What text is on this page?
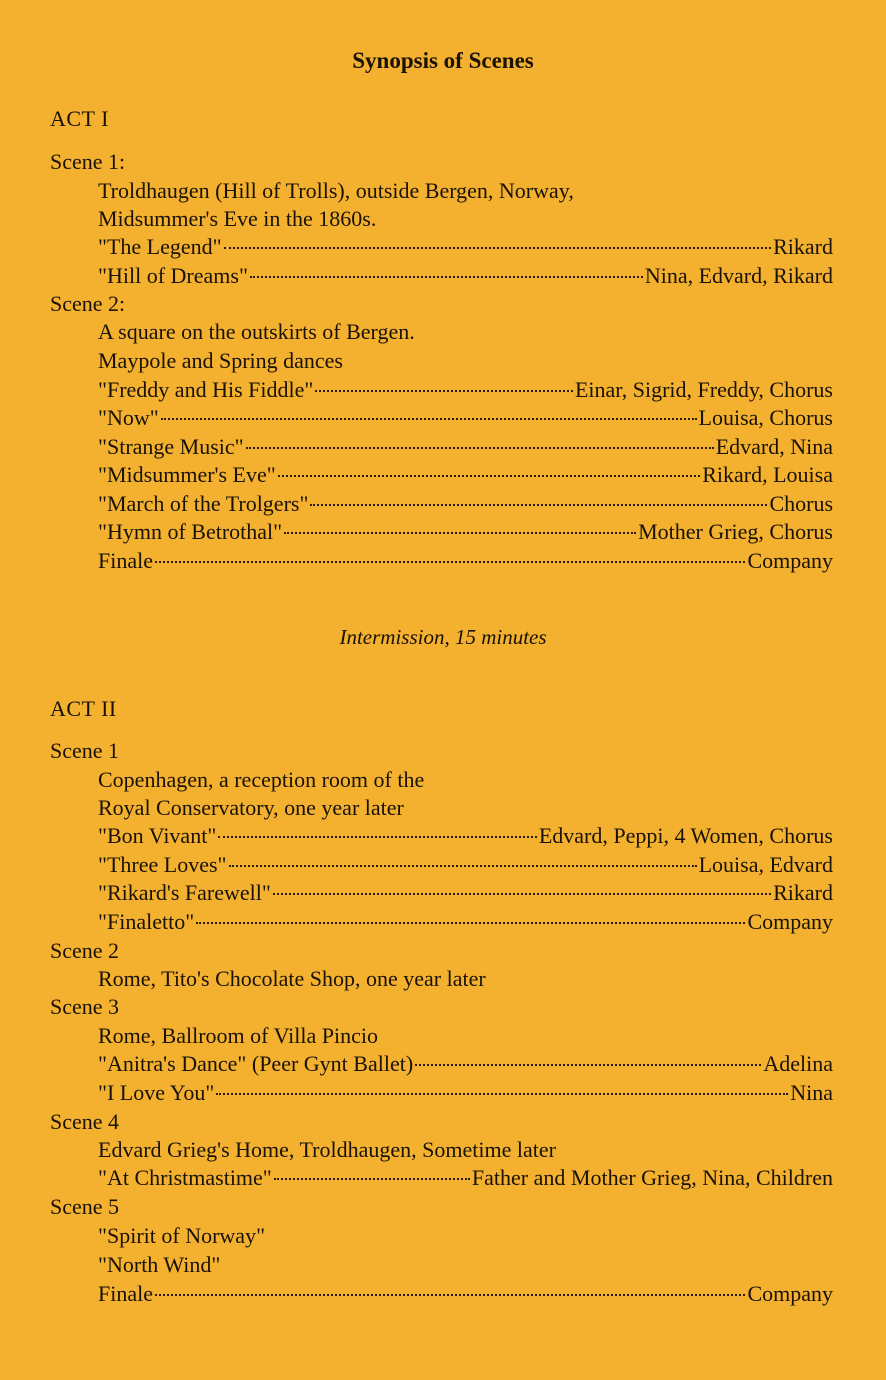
Synopsis of Scenes
ACT I
Scene 1:
Troldhaugen (Hill of Trolls), outside Bergen, Norway,
Midsummer's Eve in the 1860s.
"The Legend"	Rikard
"Hill of Dreams"	Nina, Edvard, Rikard
Scene 2:
A square on the outskirts of Bergen.
Maypole and Spring dances
"Freddy and His Fiddle"	Einar, Sigrid, Freddy, Chorus
"Now"	Louisa, Chorus
"Strange Music"	Edvard, Nina
"Midsummer's Eve"	Rikard, Louisa
"March of the Trolgers"	Chorus
"Hymn of Betrothal"	Mother Grieg, Chorus
Finale	Company
Intermission, 15 minutes
ACT II
Scene 1
Copenhagen, a reception room of the
Royal Conservatory, one year later
"Bon Vivant"	Edvard, Peppi, 4 Women, Chorus
"Three Loves"	Louisa, Edvard
"Rikard's Farewell"	Rikard
"Finaletto"	Company
Scene 2
Rome, Tito's Chocolate Shop, one year later
Scene 3
Rome, Ballroom of Villa Pincio
"Anitra's Dance" (Peer Gynt Ballet)	Adelina
"I Love You"	Nina
Scene 4
Edvard Grieg's Home, Troldhaugen, Sometime later
"At Christmastime"	Father and Mother Grieg, Nina, Children
Scene 5
"Spirit of Norway"
"North Wind"
Finale	Company
